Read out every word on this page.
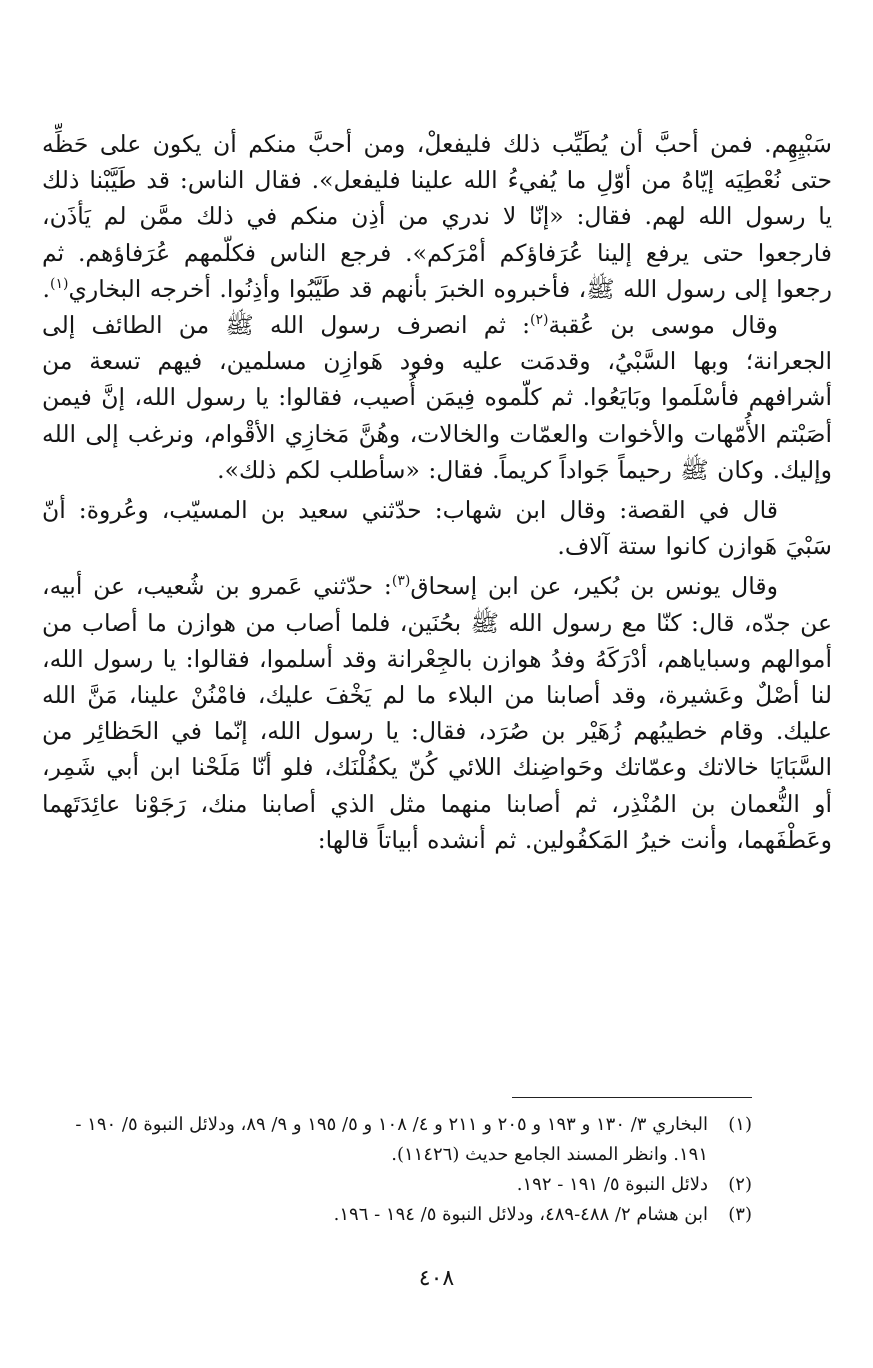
سَبْيِهِم. فمن أحبَّ أن يُطَيِّب ذلك فليفعلْ، ومن أحبَّ منكم أن يكون على حَظِّه حتى نُعْطِيَه إيّاهُ من أوّلِ ما يُفيءُ الله علينا فليفعل». فقال الناس: قد طَيَّبْنا ذلك يا رسول الله لهم. فقال: «إنّا لا ندري من أذِن منكم في ذلك ممَّن لم يَأذَن، فارجعوا حتى يرفع إلينا عُرَفاؤكم أمْرَكم». فرجع الناس فكلّمهم عُرَفاؤهم. ثم رجعوا إلى رسول الله ﷺ، فأخبروه الخبرَ بأنهم قد طَيَّبُوا وأذِنُوا. أخرجه البخاري$^{(١)}$.

وقال موسى بن عُقبة$^{(٢)}$: ثم انصرف رسول الله ﷺ من الطائف إلى الجعرانة؛ وبها السَّبْيُ، وقدمَت عليه وفود هَوازِن مسلمين، فيهم تسعة من أشرافهم فأسْلَموا وبَايَعُوا. ثم كلّموه فِيمَن أُصيب، فقالوا: يا رسول الله، إنَّ فيمن أصَبْتم الأُمّهات والأخوات والعمّات والخالات، وهُنَّ مَخازِي الأقْوام، ونرغب إلى الله وإليك. وكان ﷺ رحيماً جَواداً كريماً. فقال: «سأطلب لكم ذلك».

قال في القصة: وقال ابن شهاب: حدّثني سعيد بن المسيّب، وعُروة: أنّ سَبْيَ هَوازن كانوا ستة آلاف.

وقال يونس بن بُكير، عن ابن إسحاق$^{(٣)}$: حدّثني عَمرو بن شُعيب، عن أبيه، عن جدّه، قال: كنّا مع رسول الله ﷺ بحُنَين، فلما أصاب من هوازن ما أصاب من أموالهم وسباياهم، أدْرَكَهُ وفدُ هوازن بالجِعْرانة وقد أسلموا، فقالوا: يا رسول الله، لنا أصْلٌ وعَشيرة، وقد أصابنا من البلاء ما لم يَخْفَ عليك، فامْنُنْ علينا، مَنَّ الله عليك. وقام خطيبُهم زُهَيْر بن صُرَد، فقال: يا رسول الله، إنّما في الحَظائِر من السَّبَايَا خالاتك وعمّاتك وحَواضِنك اللائي كُنّ يكفُلْنَك، فلو أنّا مَلَحْنا ابن أبي شَمِر، أو النُّعمان بن المُنْذِر، ثم أصابنا منهما مثل الذي أصابنا منك، رَجَوْنا عائِدَتَهما وعَطْفَهما، وأنت خيرُ المَكفُولين. ثم أنشده أبياتاً قالها:

(١)
البخاري ٣/ ١٣٠ و ١٩٣ و ٢٠٥ و ٢١١ و ٤/ ١٠٨ و ٥/ ١٩٥ و ٩/ ٨٩، ودلائل النبوة ٥/ ١٩٠ - ١٩١. وانظر المسند الجامع حديث (١١٤٢٦).
(٢)
دلائل النبوة ٥/ ١٩١ - ١٩٢.
(٣)
ابن هشام ٢/ ٤٨٨-٤٨٩، ودلائل النبوة ٥/ ١٩٤ - ١٩٦.
٤٠٨
